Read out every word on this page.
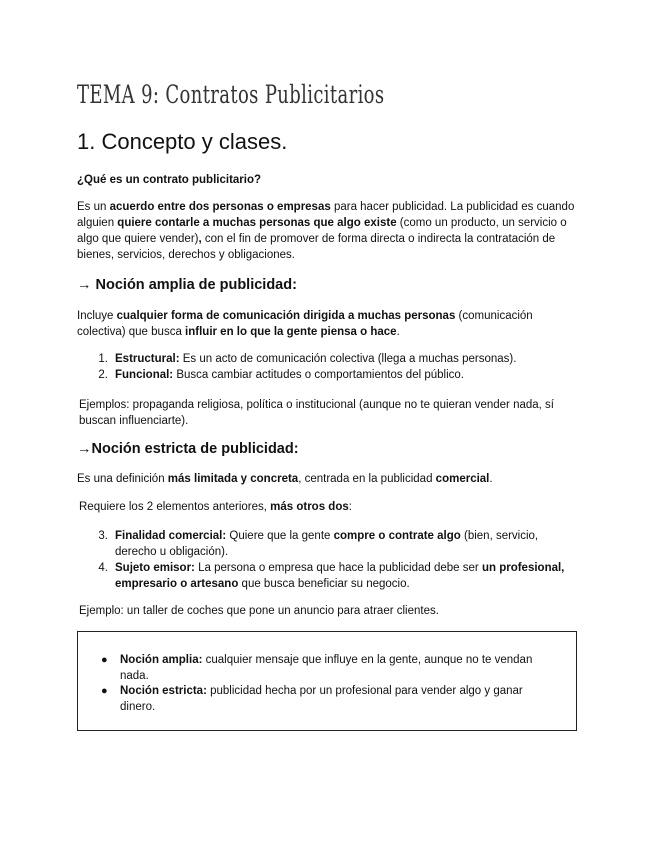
TEMA 9: Contratos Publicitarios
1. Concepto y clases.
¿Qué es un contrato publicitario?
Es un acuerdo entre dos personas o empresas para hacer publicidad. La publicidad es cuando alguien quiere contarle a muchas personas que algo existe (como un producto, un servicio o algo que quiere vender), con el fin de promover de forma directa o indirecta la contratación de bienes, servicios, derechos y obligaciones.
→ Noción amplia de publicidad:
Incluye cualquier forma de comunicación dirigida a muchas personas (comunicación colectiva) que busca influir en lo que la gente piensa o hace.
1. Estructural: Es un acto de comunicación colectiva (llega a muchas personas).
2. Funcional: Busca cambiar actitudes o comportamientos del público.
Ejemplos: propaganda religiosa, política o institucional (aunque no te quieran vender nada, sí buscan influenciarte).
→Noción estricta de publicidad:
Es una definición más limitada y concreta, centrada en la publicidad comercial.
Requiere los 2 elementos anteriores, más otros dos:
3. Finalidad comercial: Quiere que la gente compre o contrate algo (bien, servicio, derecho u obligación).
4. Sujeto emisor: La persona o empresa que hace la publicidad debe ser un profesional, empresario o artesano que busca beneficiar su negocio.
Ejemplo: un taller de coches que pone un anuncio para atraer clientes.
● Noción amplia: cualquier mensaje que influye en la gente, aunque no te vendan nada.
● Noción estricta: publicidad hecha por un profesional para vender algo y ganar dinero.
